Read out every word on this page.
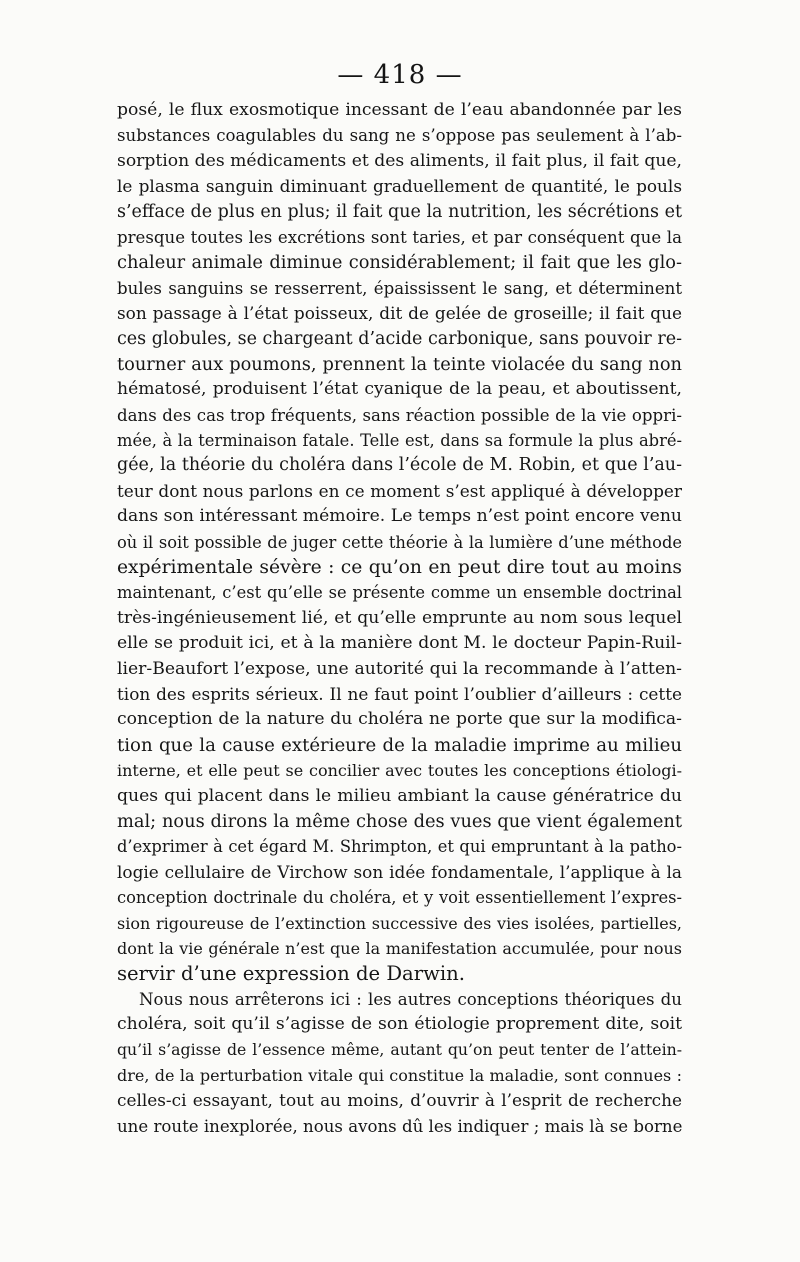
— 418 —
posé, le flux exosmotique incessant de l’eau abandonnée par les
substances coagulables du sang ne s’oppose pas seulement à l’ab-
sorption des médicaments et des aliments, il fait plus, il fait que,
le plasma sanguin diminuant graduellement de quantité, le pouls
s’efface de plus en plus; il fait que la nutrition, les sécrétions et
presque toutes les excrétions sont taries, et par conséquent que la
chaleur animale diminue considérablement; il fait que les glo-
bules sanguins se resserrent, épaississent le sang, et déterminent
son passage à l’état poisseux, dit de gelée de groseille; il fait que
ces globules, se chargeant d’acide carbonique, sans pouvoir re-
tourner aux poumons, prennent la teinte violacée du sang non
hématosé, produisent l’état cyanique de la peau, et aboutissent,
dans des cas trop fréquents, sans réaction possible de la vie oppri-
mée, à la terminaison fatale. Telle est, dans sa formule la plus abré-
gée, la théorie du choléra dans l’école de M. Robin, et que l’au-
teur dont nous parlons en ce moment s’est appliqué à développer
dans son intéressant mémoire. Le temps n’est point encore venu
où il soit possible de juger cette théorie à la lumière d’une méthode
expérimentale sévère : ce qu’on en peut dire tout au moins
maintenant, c’est qu’elle se présente comme un ensemble doctrinal
très-ingénieusement lié, et qu’elle emprunte au nom sous lequel
elle se produit ici, et à la manière dont M. le docteur Papin-Ruil-
lier-Beaufort l’expose, une autorité qui la recommande à l’atten-
tion des esprits sérieux. Il ne faut point l’oublier d’ailleurs : cette
conception de la nature du choléra ne porte que sur la modifica-
tion que la cause extérieure de la maladie imprime au milieu
interne, et elle peut se concilier avec toutes les conceptions étiologi-
ques qui placent dans le milieu ambiant la cause génératrice du
mal; nous dirons la même chose des vues que vient également
d’exprimer à cet égard M. Shrimpton, et qui empruntant à la patho-
logie cellulaire de Virchow son idée fondamentale, l’applique à la
conception doctrinale du choléra, et y voit essentiellement l’expres-
sion rigoureuse de l’extinction successive des vies isolées, partielles,
dont la vie générale n’est que la manifestation accumulée, pour nous
servir d’une expression de Darwin.
Nous nous arrêterons ici : les autres conceptions théoriques du
choléra, soit qu’il s’agisse de son étiologie proprement dite, soit
qu’il s’agisse de l’essence même, autant qu’on peut tenter de l’attein-
dre, de la perturbation vitale qui constitue la maladie, sont connues :
celles-ci essayant, tout au moins, d’ouvrir à l’esprit de recherche
une route inexplorée, nous avons dû les indiquer ; mais là se borne
